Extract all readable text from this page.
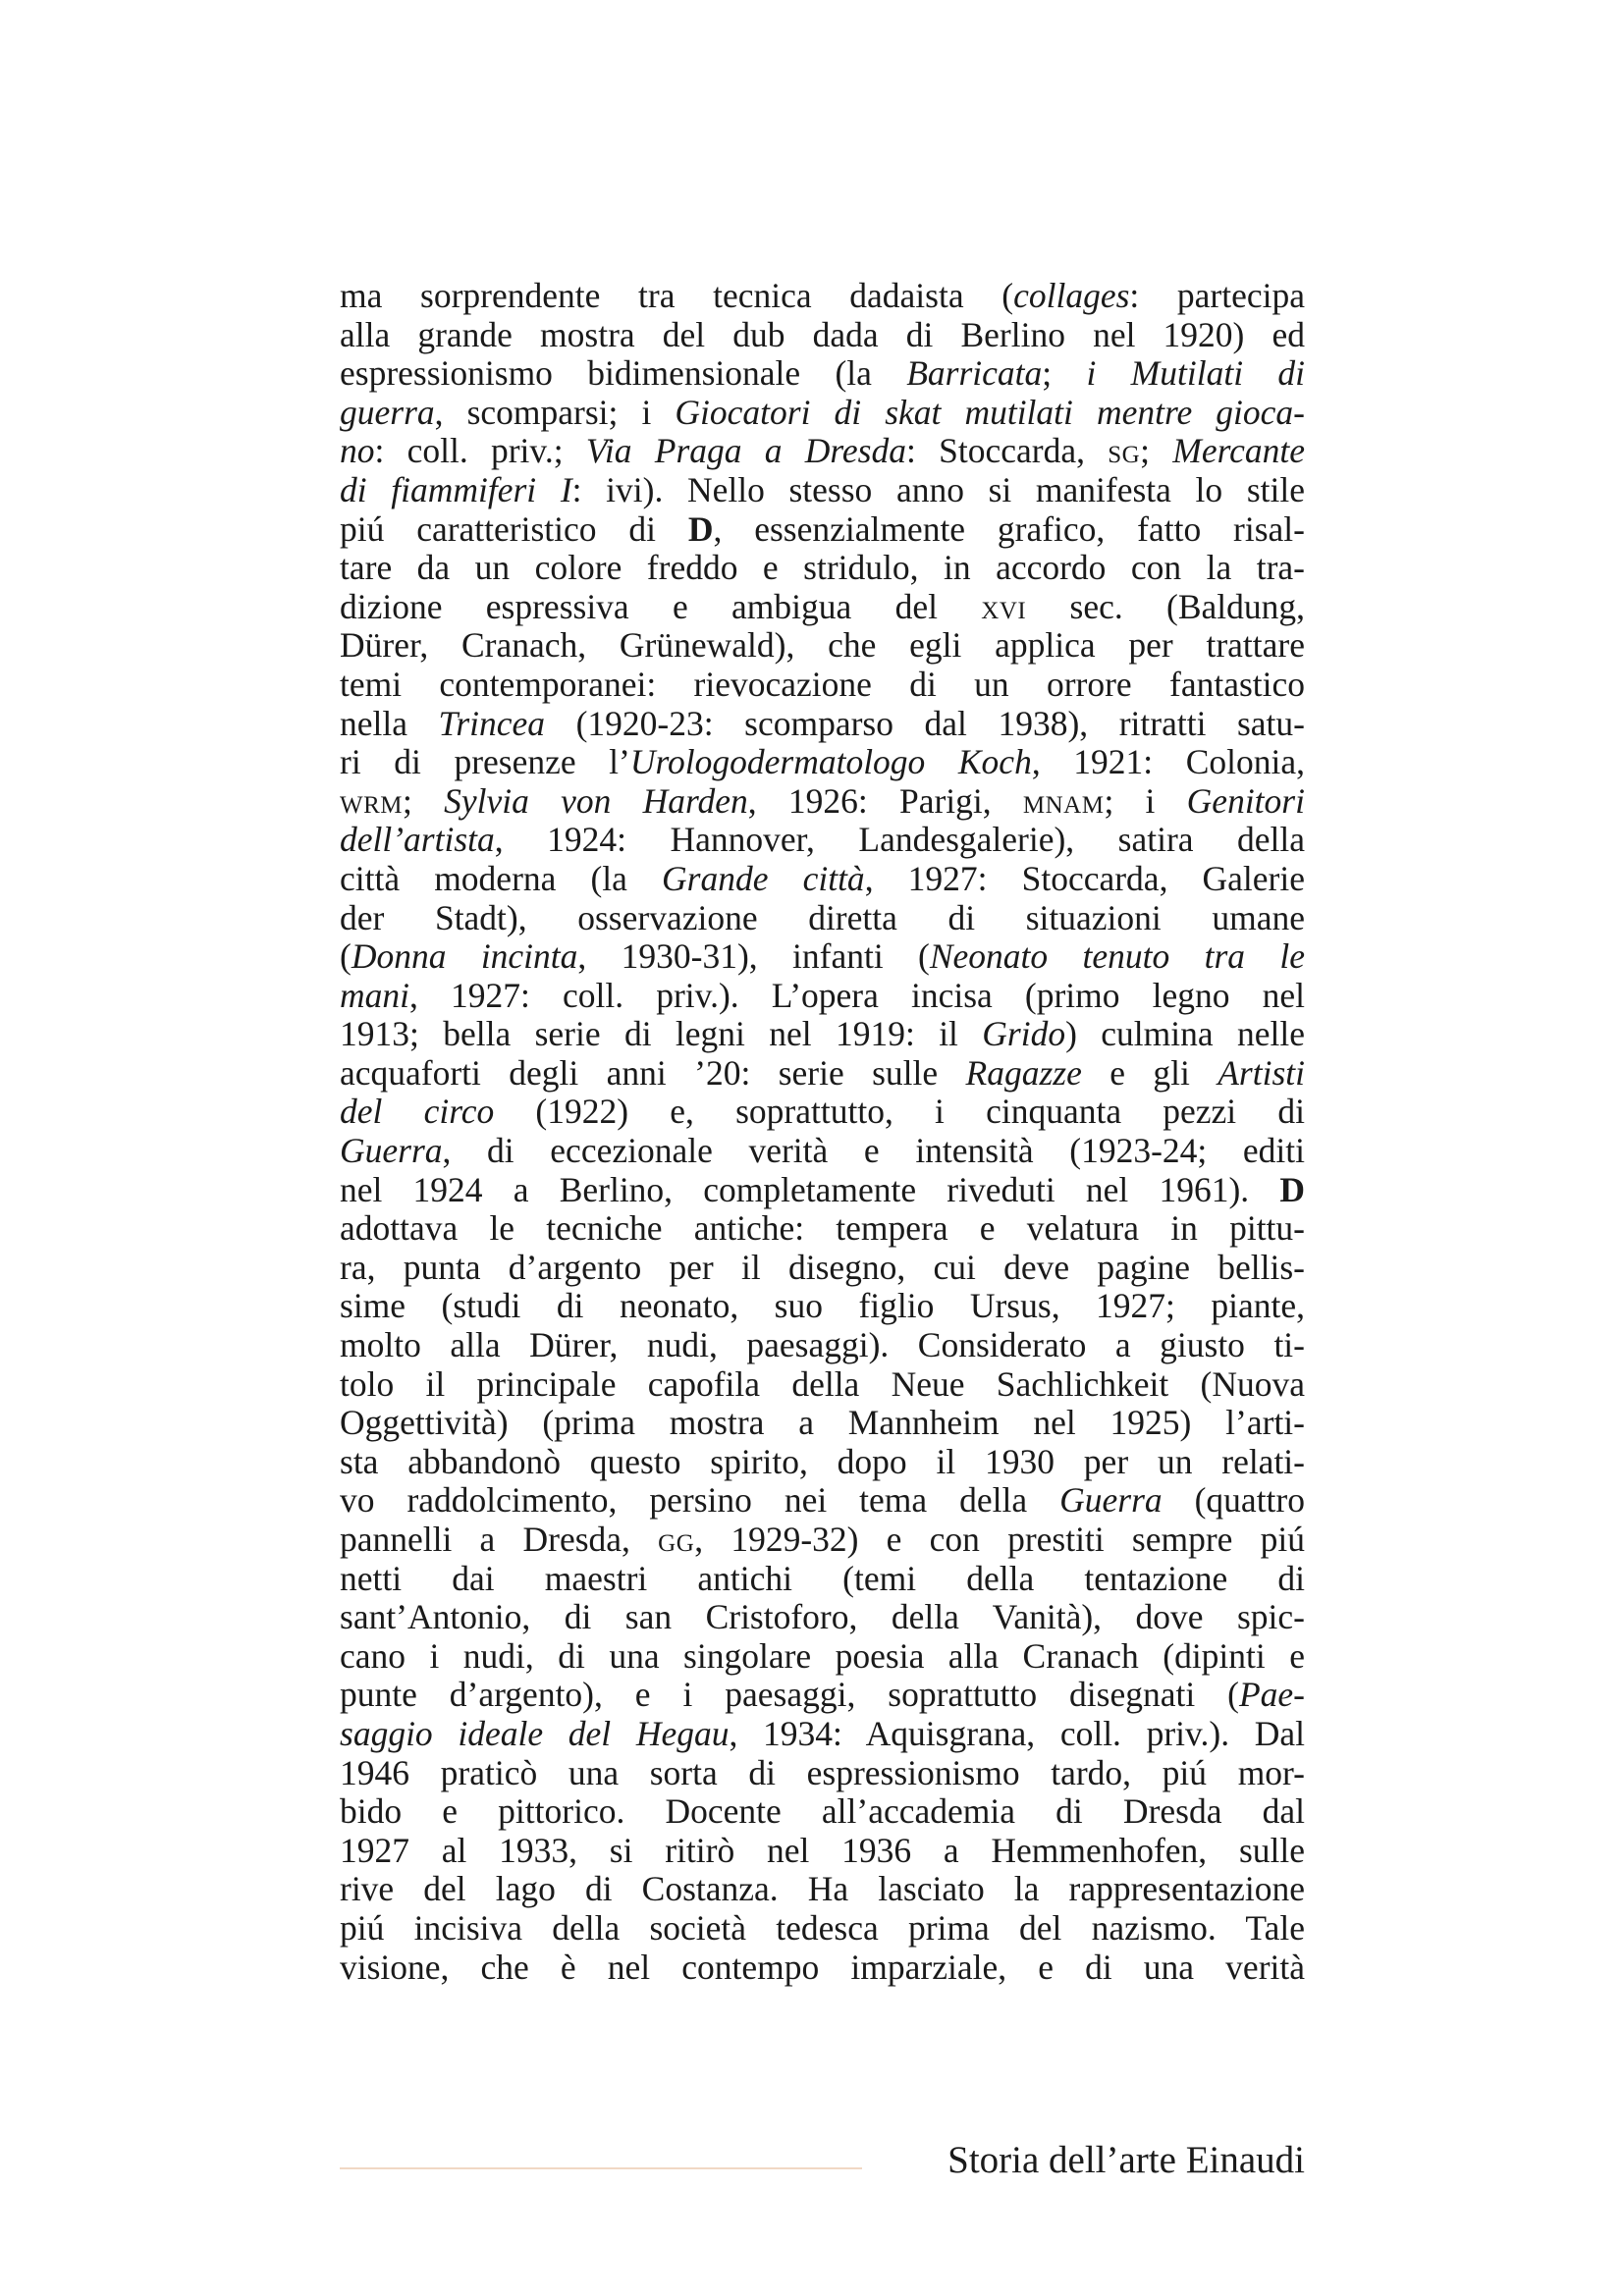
ma sorprendente tra tecnica dadaista (collages: partecipa
alla grande mostra del dub dada di Berlino nel 1920) ed
espressionismo bidimensionale (la Barricata; i Mutilati di
guerra, scomparsi; i Giocatori di skat mutilati mentre gioca-
no: coll. priv.; Via Praga a Dresda: Stoccarda, sg; Mercante
di fiammiferi I: ivi). Nello stesso anno si manifesta lo stile
piú caratteristico di D, essenzialmente grafico, fatto risal-
tare da un colore freddo e stridulo, in accordo con la tra-
dizione espressiva e ambigua del xvi sec. (Baldung,
Dürer, Cranach, Grünewald), che egli applica per trattare
temi contemporanei: rievocazione di un orrore fantastico
nella Trincea (1920-23: scomparso dal 1938), ritratti satu-
ri di presenze l’Urologodermatologo Koch, 1921: Colonia,
wrm; Sylvia von Harden, 1926: Parigi, mnam; i Genitori
dell’artista, 1924: Hannover, Landesgalerie), satira della
città moderna (la Grande città, 1927: Stoccarda, Galerie
der Stadt), osservazione diretta di situazioni umane
(Donna incinta, 1930-31), infanti (Neonato tenuto tra le
mani, 1927: coll. priv.). L’opera incisa (primo legno nel
1913; bella serie di legni nel 1919: il Grido) culmina nelle
acquaforti degli anni ’20: serie sulle Ragazze e gli Artisti
del circo (1922) e, soprattutto, i cinquanta pezzi di
Guerra, di eccezionale verità e intensità (1923-24; editi
nel 1924 a Berlino, completamente riveduti nel 1961). D
adottava le tecniche antiche: tempera e velatura in pittu-
ra, punta d’argento per il disegno, cui deve pagine bellis-
sime (studi di neonato, suo figlio Ursus, 1927; piante,
molto alla Dürer, nudi, paesaggi). Considerato a giusto ti-
tolo il principale capofila della Neue Sachlichkeit (Nuova
Oggettività) (prima mostra a Mannheim nel 1925) l’arti-
sta abbandonò questo spirito, dopo il 1930 per un relati-
vo raddolcimento, persino nei tema della Guerra (quattro
pannelli a Dresda, gg, 1929-32) e con prestiti sempre piú
netti dai maestri antichi (temi della tentazione di
sant’Antonio, di san Cristoforo, della Vanità), dove spic-
cano i nudi, di una singolare poesia alla Cranach (dipinti e
punte d’argento), e i paesaggi, soprattutto disegnati (Pae-
saggio ideale del Hegau, 1934: Aquisgrana, coll. priv.). Dal
1946 praticò una sorta di espressionismo tardo, piú mor-
bido e pittorico. Docente all’accademia di Dresda dal
1927 al 1933, si ritirò nel 1936 a Hemmenhofen, sulle
rive del lago di Costanza. Ha lasciato la rappresentazione
piú incisiva della società tedesca prima del nazismo. Tale
visione, che è nel contempo imparziale, e di una verità
Storia dell’arte Einaudi
